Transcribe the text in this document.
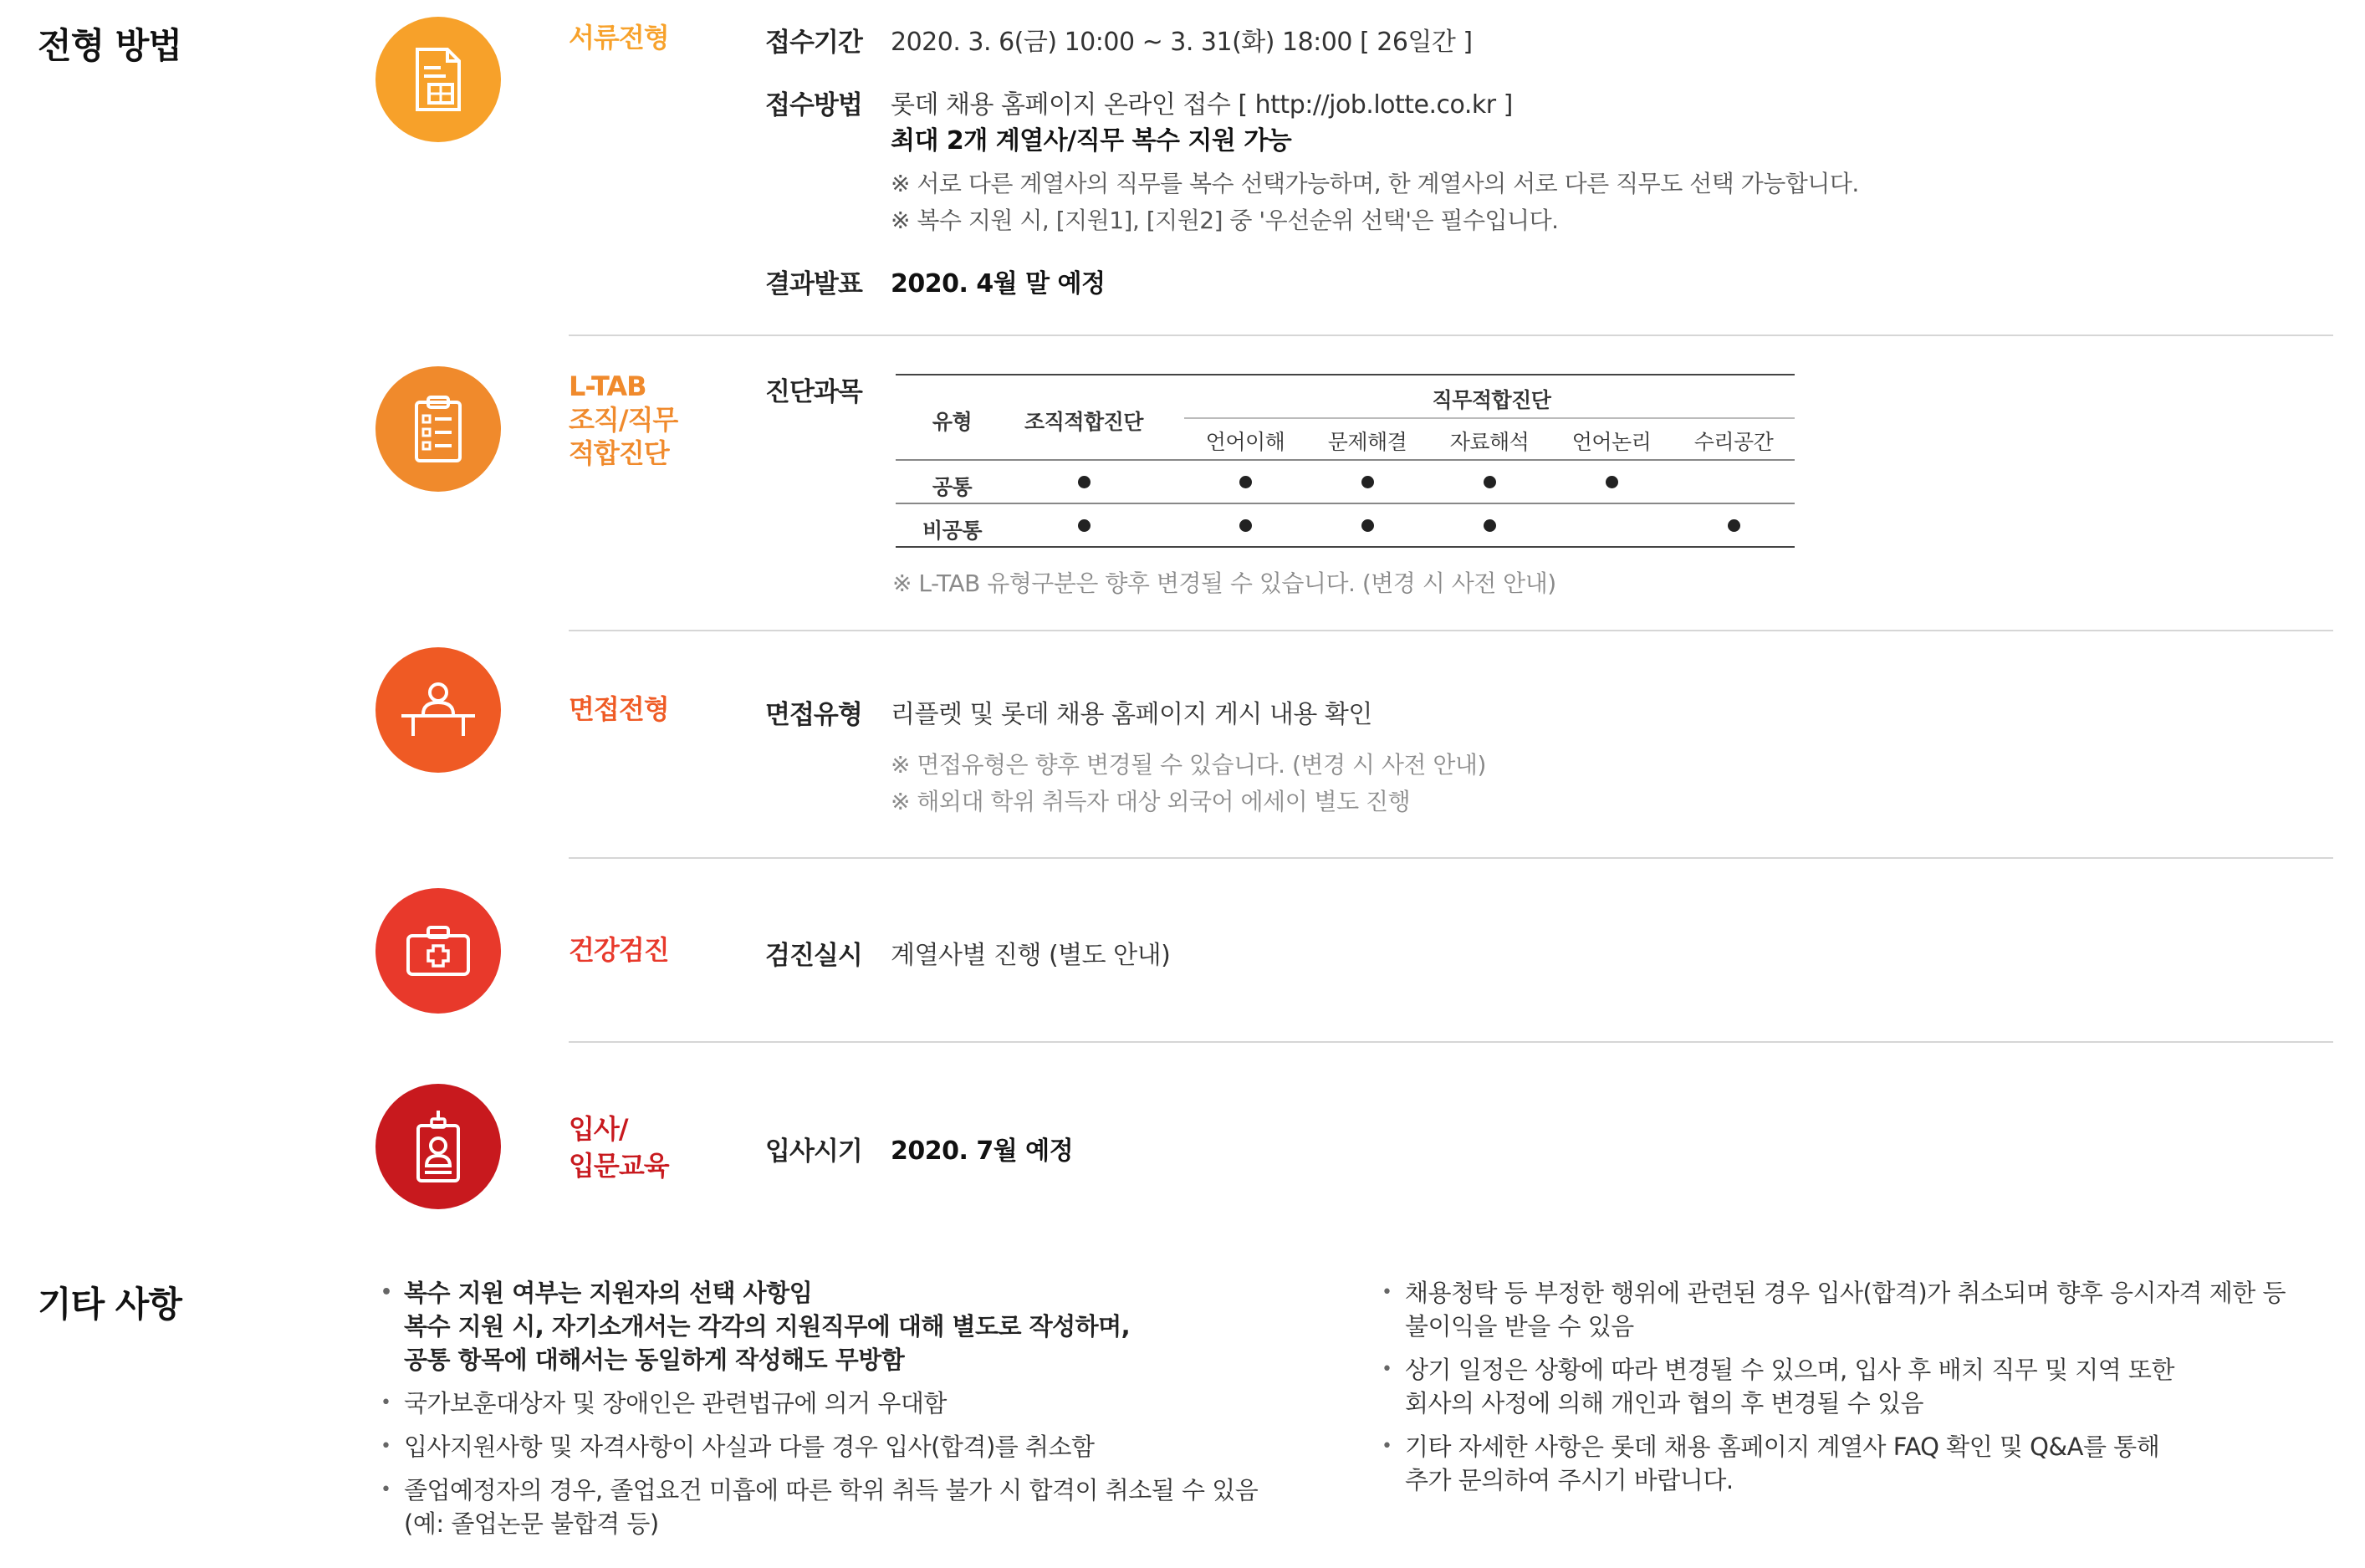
전형 방법	서류전형	접수기간 2020. 3. 6(금) 10:00 ~ 3. 31(화) 18:00 [ 26일간 ]
접수방법 롯데 채용 홈페이지 온라인 접수 [ http://job.lotte.co.kr ]
최대 2개 계열사/직무 복수 지원 가능
※ 서로 다른 계열사의 직무를 복수 선택가능하며, 한 계열사의 서로 다른 직무도 선택 가능합니다.
※ 복수 지원 시, [지원1], [지원2] 중 '우선순위 선택'은 필수입니다.
결과발표 2020. 4월 말 예정
L-TAB
조직/직무
적합진단
진단과목
유형	조직적합진단
직무적합진단
언어이해	문제해결	자료해석	언어논리	수리공간
공통
비공통
※ L-TAB 유형구분은 향후 변경될 수 있습니다. (변경 시 사전 안내)
면접전형	면접유형 리플렛 및 롯데 채용 홈페이지 게시 내용 확인
※ 면접유형은 향후 변경될 수 있습니다. (변경 시 사전 안내)
※ 해외대 학위 취득자 대상 외국어 에세이 별도 진행
건강검진	검진실시 계열사별 진행 (별도 안내)
입사/
입문교육	입사시기 2020. 7월 예정
기타 사항
•	복수 지원 여부는 지원자의 선택 사항임
복수 지원 시, 자기소개서는 각각의 지원직무에 대해 별도로 작성하며,
공통 항목에 대해서는 동일하게 작성해도 무방함
• 국가보훈대상자 및 장애인은 관련법규에 의거 우대함
• 입사지원사항 및 자격사항이 사실과 다를 경우 입사(합격)를 취소함
• 졸업예정자의 경우, 졸업요건 미흡에 따른 학위 취득 불가 시 합격이 취소될 수 있음
(예: 졸업논문 불합격 등)
• 채용청탁 등 부정한 행위에 관련된 경우 입사(합격)가 취소되며 향후 응시자격 제한 등
불이익을 받을 수 있음
• 상기 일정은 상황에 따라 변경될 수 있으며, 입사 후 배치 직무 및 지역 또한
회사의 사정에 의해 개인과 협의 후 변경될 수 있음
• 기타 자세한 사항은 롯데 채용 홈페이지 계열사 FAQ 확인 및 Q&A를 통해
추가 문의하여 주시기 바랍니다.
